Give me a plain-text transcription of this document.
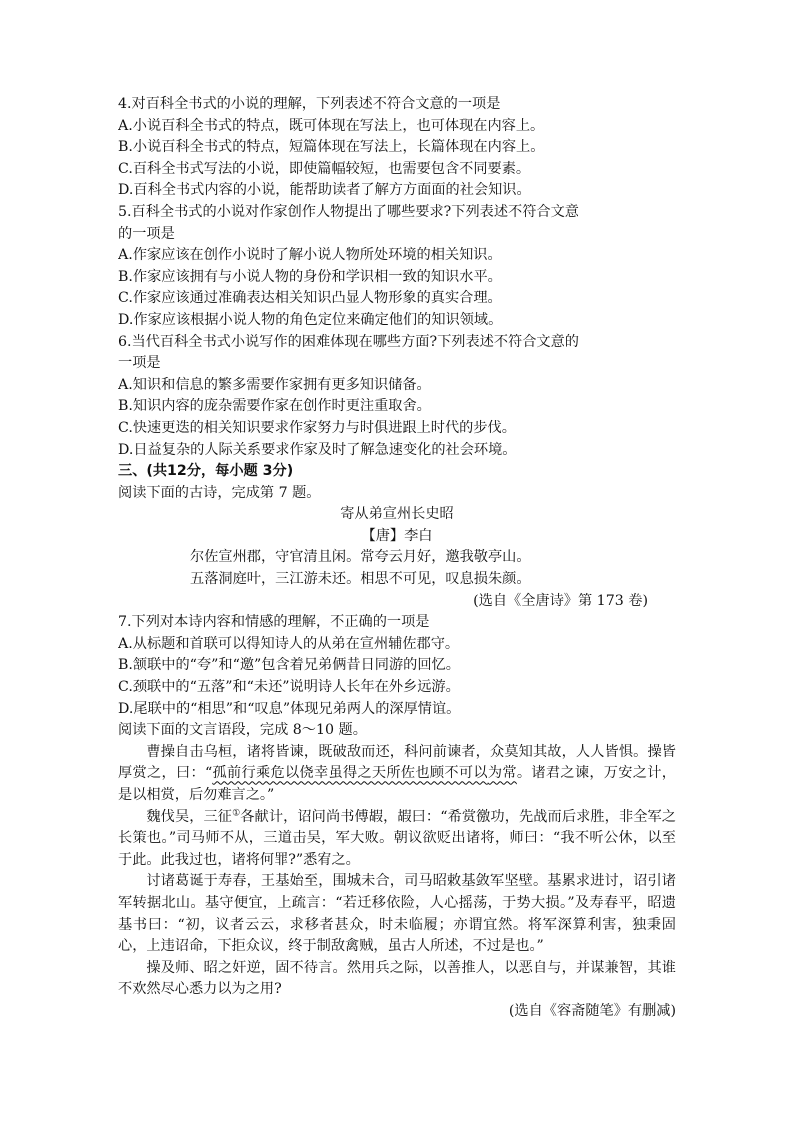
4.对百科全书式的小说的理解，下列表述不符合文意的一项是
A.小说百科全书式的特点，既可体现在写法上，也可体现在内容上。
B.小说百科全书式的特点，短篇体现在写法上，长篇体现在内容上。
C.百科全书式写法的小说，即使篇幅较短，也需要包含不同要素。
D.百科全书式内容的小说，能帮助读者了解方方面面的社会知识。
5.百科全书式的小说对作家创作人物提出了哪些要求?下列表述不符合文意
的一项是
A.作家应该在创作小说时了解小说人物所处环境的相关知识。
B.作家应该拥有与小说人物的身份和学识相一致的知识水平。
C.作家应该通过准确表达相关知识凸显人物形象的真实合理。
D.作家应该根据小说人物的角色定位来确定他们的知识领域。
6.当代百科全书式小说写作的困难体现在哪些方面?下列表述不符合文意的
一项是
A.知识和信息的繁多需要作家拥有更多知识储备。
B.知识内容的庞杂需要作家在创作时更注重取舍。
C.快速更迭的相关知识要求作家努力与时俱进跟上时代的步伐。
D.日益复杂的人际关系要求作家及时了解急速变化的社会环境。
三、(共12分，每小题 3分)
阅读下面的古诗，完成第 7 题。
寄从弟宣州长史昭
【唐】李白
尔佐宣州郡，守官清且闲。常夸云月好，邀我敬亭山。
五落洞庭叶，三江游未还。相思不可见，叹息损朱颜。
(选自《全唐诗》第 173 卷)
7.下列对本诗内容和情感的理解，不正确的一项是
A.从标题和首联可以得知诗人的从弟在宣州辅佐郡守。
B.颔联中的“夸”和“邀”包含着兄弟俩昔日同游的回忆。
C.颈联中的“五落”和“未还”说明诗人长年在外乡远游。
D.尾联中的“相思”和“叹息”体现兄弟两人的深厚情谊。
阅读下面的文言语段，完成 8～10 题。
曹操自击乌桓，诸将皆谏，既破敌而还，科问前谏者，众莫知其故，人人皆惧。操皆厚赏之，曰：“孤前行乘危以侥幸虽得之天所佐也顾不可以为常。诸君之谏，万安之计，是以相赏，后勿难言之。”
魏伐吴，三征①各献计，诏问尚书傅嘏，嘏曰：“希赏徼功，先战而后求胜，非全军之长策也。”司马师不从，三道击吴，军大败。朝议欲贬出诸将，师曰：“我不听公休，以至于此。此我过也，诸将何罪?”悉宥之。
讨诸葛诞于寿春，王基始至，围城未合，司马昭敕基敛军坚壁。基累求进讨，诏引诸军转据北山。基守便宜，上疏言：“若迁移依险，人心摇荡，于势大损。”及寿春平，昭遗基书曰：“初，议者云云，求移者甚众，时未临履；亦谓宜然。将军深算利害，独秉固心，上违诏命，下拒众议，终于制敌禽贼，虽古人所述，不过是也。”
操及师、昭之奸逆，固不待言。然用兵之际，以善推人，以恶自与，并谋兼智，其谁不欢然尽心悉力以为之用?
(选自《容斋随笔》有删减)
